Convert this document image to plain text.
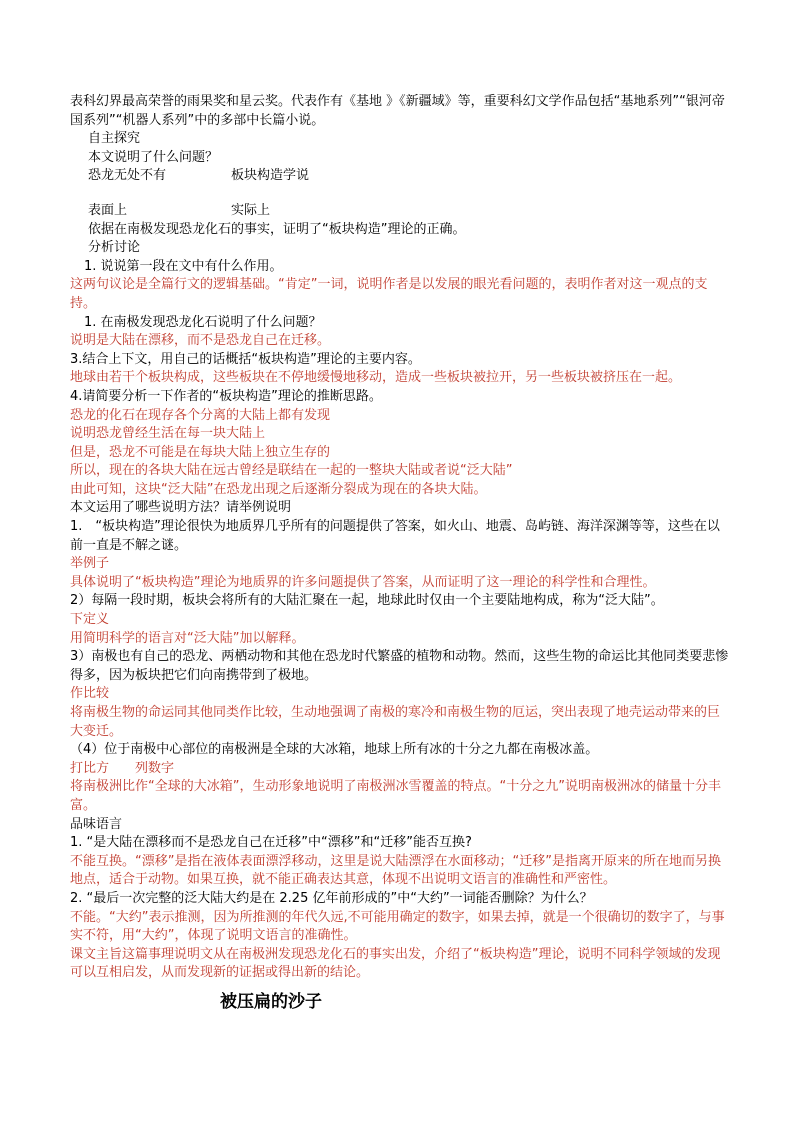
表科幻界最高荣誉的雨果奖和星云奖。代表作有《基地 》《新疆域》等，重要科幻文学作品包括“基地系列”“银河帝国系列”“机器人系列”中的多部中长篇小说。
自主探究
本文说明了什么问题？
恐龙无处不有　　　　　板块构造学说
表面上　　　　　　　　实际上
依据在南极发现恐龙化石的事实，证明了“板块构造”理论的正确。
分析讨论
1. 说说第一段在文中有什么作用。
这两句议论是全篇行文的逻辑基础。“肯定”一词，说明作者是以发展的眼光看问题的，表明作者对这一观点的支持。
1. 在南极发现恐龙化石说明了什么问题？
说明是大陆在漂移，而不是恐龙自己在迁移。
3.结合上下文，用自己的话概括“板块构造”理论的主要内容。
地球由若干个板块构成，这些板块在不停地缓慢地移动，造成一些板块被拉开，另一些板块被挤压在一起。
4.请简要分析一下作者的“板块构造”理论的推断思路。
恐龙的化石在现存各个分离的大陆上都有发现
说明恐龙曾经生活在每一块大陆上
但是，恐龙不可能是在每块大陆上独立生存的
所以，现在的各块大陆在远古曾经是联结在一起的一整块大陆或者说“泛大陆”
由此可知，这块“泛大陆”在恐龙出现之后逐渐分裂成为现在的各块大陆。
本文运用了哪些说明方法？请举例说明
1.　“板块构造”理论很快为地质界几乎所有的问题提供了答案，如火山、地震、岛屿链、海洋深渊等等，这些在以前一直是不解之谜。
举例子
具体说明了“板块构造”理论为地质界的许多问题提供了答案，从而证明了这一理论的科学性和合理性。
2）每隔一段时期，板块会将所有的大陆汇聚在一起，地球此时仅由一个主要陆地构成，称为“泛大陆”。
下定义
用简明科学的语言对“泛大陆”加以解释。
3）南极也有自己的恐龙、两栖动物和其他在恐龙时代繁盛的植物和动物。然而，这些生物的命运比其他同类要悲惨得多，因为板块把它们向南携带到了极地。
作比较
将南极生物的命运同其他同类作比较，生动地强调了南极的寒冷和南极生物的厄运，突出表现了地壳运动带来的巨大变迁。
（4）位于南极中心部位的南极洲是全球的大冰箱，地球上所有冰的十分之九都在南极冰盖。
打比方　　列数字
将南极洲比作“全球的大冰箱”，生动形象地说明了南极洲冰雪覆盖的特点。“十分之九”说明南极洲冰的储量十分丰富。
品味语言
1. “是大陆在漂移而不是恐龙自己在迁移”中“漂移”和“迁移”能否互换?
不能互换。“漂移”是指在液体表面漂浮移动，这里是说大陆漂浮在水面移动；“迁移”是指离开原来的所在地而另换地点，适合于动物。如果互换，就不能正确表达其意，体现不出说明文语言的准确性和严密性。
2. “最后一次完整的泛大陆大约是在 2.25 亿年前形成的”中“大约”一词能否删除？为什么？
不能。“大约”表示推测，因为所推测的年代久远,不可能用确定的数字，如果去掉，就是一个很确切的数字了，与事实不符，用“大约”，体现了说明文语言的准确性。
课文主旨这篇事理说明文从在南极洲发现恐龙化石的事实出发，介绍了“板块构造”理论，说明不同科学领域的发现可以互相启发，从而发现新的证据或得出新的结论。
被压扁的沙子
